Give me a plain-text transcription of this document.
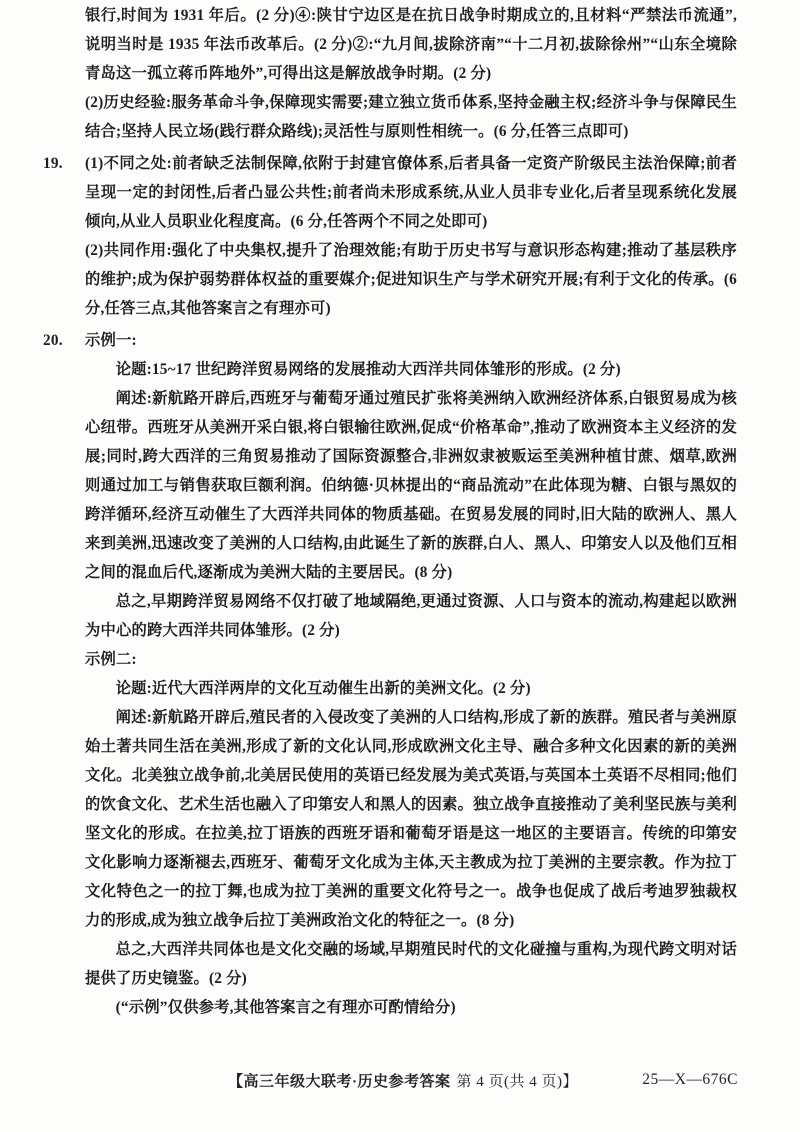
银行,时间为 1931 年后。(2 分)④:陕甘宁边区是在抗日战争时期成立的,且材料“严禁法币流通”,说明当时是 1935 年法币改革后。(2 分)②:“九月间,拔除济南”“十二月初,拔除徐州”“山东全境除青岛这一孤立蒋币阵地外”,可得出这是解放战争时期。(2 分)
(2)历史经验:服务革命斗争,保障现实需要;建立独立货币体系,坚持金融主权;经济斗争与保障民生结合;坚持人民立场(践行群众路线);灵活性与原则性相统一。(6 分,任答三点即可)
19.	(1)不同之处:前者缺乏法制保障,依附于封建官僚体系,后者具备一定资产阶级民主法治保障;前者呈现一定的封闭性,后者凸显公共性;前者尚未形成系统,从业人员非专业化,后者呈现系统化发展倾向,从业人员职业化程度高。(6 分,任答两个不同之处即可)
(2)共同作用:强化了中央集权,提升了治理效能;有助于历史书写与意识形态构建;推动了基层秩序的维护;成为保护弱势群体权益的重要媒介;促进知识生产与学术研究开展;有利于文化的传承。(6 分,任答三点,其他答案言之有理亦可)
20.	示例一:
论题:15~17 世纪跨洋贸易网络的发展推动大西洋共同体雏形的形成。(2 分)
阐述:新航路开辟后,西班牙与葡萄牙通过殖民扩张将美洲纳入欧洲经济体系,白银贸易成为核心纽带。西班牙从美洲开采白银,将白银输往欧洲,促成“价格革命”,推动了欧洲资本主义经济的发展;同时,跨大西洋的三角贸易推动了国际资源整合,非洲奴隶被贩运至美洲种植甘蔗、烟草,欧洲则通过加工与销售获取巨额利润。伯纳德·贝林提出的“商品流动”在此体现为糖、白银与黑奴的跨洋循环,经济互动催生了大西洋共同体的物质基础。在贸易发展的同时,旧大陆的欧洲人、黑人来到美洲,迅速改变了美洲的人口结构,由此诞生了新的族群,白人、黑人、印第安人以及他们互相之间的混血后代,逐渐成为美洲大陆的主要居民。(8 分)
总之,早期跨洋贸易网络不仅打破了地域隔绝,更通过资源、人口与资本的流动,构建起以欧洲为中心的跨大西洋共同体雏形。(2 分)
示例二:
论题:近代大西洋两岸的文化互动催生出新的美洲文化。(2 分)
阐述:新航路开辟后,殖民者的入侵改变了美洲的人口结构,形成了新的族群。殖民者与美洲原始土著共同生活在美洲,形成了新的文化认同,形成欧洲文化主导、融合多种文化因素的新的美洲文化。北美独立战争前,北美居民使用的英语已经发展为美式英语,与英国本土英语不尽相同;他们的饮食文化、艺术生活也融入了印第安人和黑人的因素。独立战争直接推动了美利坚民族与美利坚文化的形成。在拉美,拉丁语族的西班牙语和葡萄牙语是这一地区的主要语言。传统的印第安文化影响力逐渐褪去,西班牙、葡萄牙文化成为主体,天主教成为拉丁美洲的主要宗教。作为拉丁文化特色之一的拉丁舞,也成为拉丁美洲的重要文化符号之一。战争也促成了战后考迪罗独裁权力的形成,成为独立战争后拉丁美洲政治文化的特征之一。(8 分)
总之,大西洋共同体也是文化交融的场域,早期殖民时代的文化碰撞与重构,为现代跨文明对话提供了历史镜鉴。(2 分)
(“示例”仅供参考,其他答案言之有理亦可酌情给分)
【高三年级大联考·历史参考答案 第 4 页(共 4 页)】	25—X—676C
